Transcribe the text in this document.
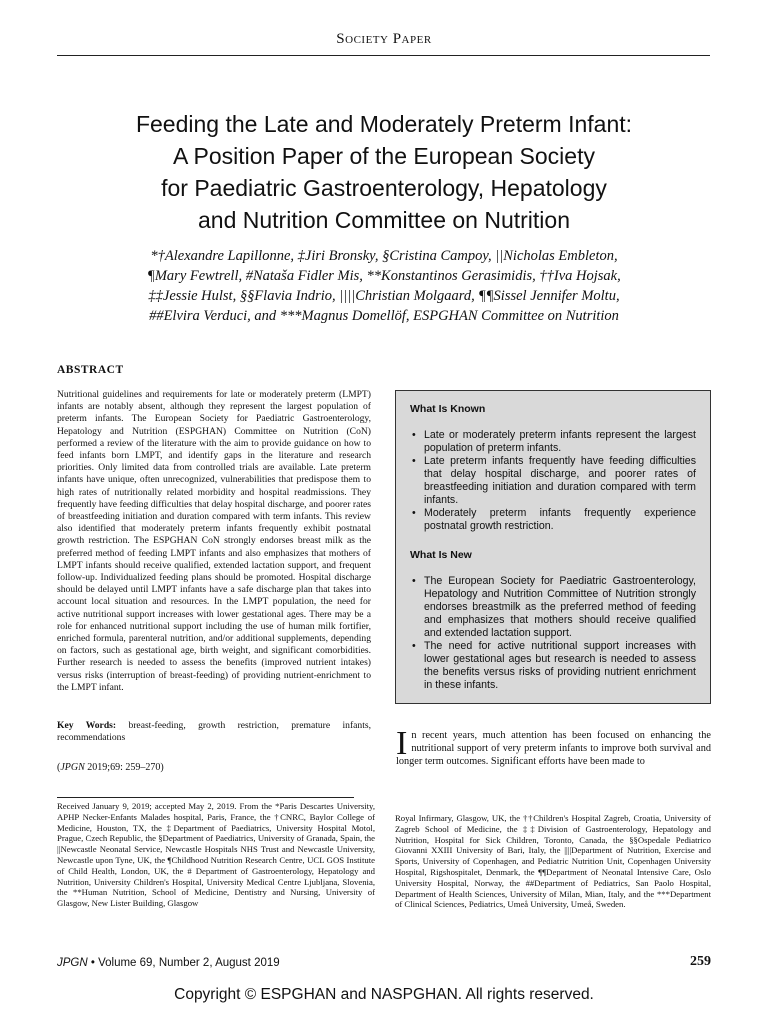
Society Paper
Feeding the Late and Moderately Preterm Infant:
A Position Paper of the European Society
for Paediatric Gastroenterology, Hepatology
and Nutrition Committee on Nutrition
*†Alexandre Lapillonne, ‡Jiri Bronsky, §Cristina Campoy, ||Nicholas Embleton,
¶Mary Fewtrell, #Nataša Fidler Mis, **Konstantinos Gerasimidis, ††Iva Hojsak,
‡‡Jessie Hulst, §§Flavia Indrio, ||||Christian Molgaard, ¶¶Sissel Jennifer Moltu,
##Elvira Verduci, and ***Magnus Domellöf, ESPGHAN Committee on Nutrition
ABSTRACT
Nutritional guidelines and requirements for late or moderately preterm (LMPT) infants are notably absent, although they represent the largest population of preterm infants. The European Society for Paediatric Gastroenterology, Hepatology and Nutrition (ESPGHAN) Committee on Nutrition (CoN) performed a review of the literature with the aim to provide guidance on how to feed infants born LMPT, and identify gaps in the literature and research priorities. Only limited data from controlled trials are available. Late preterm infants have unique, often unrecognized, vulnerabilities that predispose them to high rates of nutritionally related morbidity and hospital readmissions. They frequently have feeding difficulties that delay hospital discharge, and poorer rates of breastfeeding initiation and duration compared with term infants. This review also identified that moderately preterm infants frequently exhibit postnatal growth restriction. The ESPGHAN CoN strongly endorses breast milk as the preferred method of feeding LMPT infants and also emphasizes that mothers of LMPT infants should receive qualified, extended lactation support, and frequent follow-up. Individualized feeding plans should be promoted. Hospital discharge should be delayed until LMPT infants have a safe discharge plan that takes into account local situation and resources. In the LMPT population, the need for active nutritional support increases with lower gestational ages. There may be a role for enhanced nutritional support including the use of human milk fortifier, enriched formula, parenteral nutrition, and/or additional supplements, depending on factors, such as gestational age, birth weight, and significant comorbidities. Further research is needed to assess the benefits (improved nutrient intakes) versus risks (interruption of breast-feeding) of providing nutrient-enrichment to the LMPT infant.
Key Words: breast-feeding, growth restriction, premature infants, recommendations
(JPGN 2019;69: 259–270)
What Is Known
• Late or moderately preterm infants represent the largest population of preterm infants.
• Late preterm infants frequently have feeding difficulties that delay hospital discharge, and poorer rates of breastfeeding initiation and duration compared with term infants.
• Moderately preterm infants frequently experience postnatal growth restriction.
What Is New
• The European Society for Paediatric Gastroenterology, Hepatology and Nutrition Committee of Nutrition strongly endorses breastmilk as the preferred method of feeding and emphasizes that mothers should receive qualified and extended lactation support.
• The need for active nutritional support increases with lower gestational ages but research is needed to assess the benefits versus risks of providing nutrient enrichment in these infants.
In recent years, much attention has been focused on enhancing the nutritional support of very preterm infants to improve both survival and longer term outcomes. Significant efforts have been made to
Received January 9, 2019; accepted May 2, 2019. From the *Paris Descartes University, APHP Necker-Enfants Malades hospital, Paris, France, the †CNRC, Baylor College of Medicine, Houston, TX, the ‡Department of Paediatrics, University Hospital Motol, Prague, Czech Republic, the §Department of Paediatrics, University of Granada, Spain, the ||Newcastle Neonatal Service, Newcastle Hospitals NHS Trust and Newcastle University, Newcastle upon Tyne, UK, the ¶Childhood Nutrition Research Centre, UCL GOS Institute of Child Health, London, UK, the # Department of Gastroenterology, Hepatology and Nutrition, University Children's Hospital, University Medical Centre Ljubljana, Slovenia, the **Human Nutrition, School of Medicine, Dentistry and Nursing, University of Glasgow, New Lister Building, Glasgow
Royal Infirmary, Glasgow, UK, the ††Children's Hospital Zagreb, Croatia, University of Zagreb School of Medicine, the ‡‡Division of Gastroenterology, Hepatology and Nutrition, Hospital for Sick Children, Toronto, Canada, the §§Ospedale Pediatrico Giovanni XXIII University of Bari, Italy, the ||||Department of Nutrition, Exercise and Sports, University of Copenhagen, and Pediatric Nutrition Unit, Copenhagen University Hospital, Rigshospitalet, Denmark, the ¶¶Department of Neonatal Intensive Care, Oslo University Hospital, Norway, the ##Department of Pediatrics, San Paolo Hospital, Department of Health Sciences, University of Milan, Mian, Italy, and the ***Department of Clinical Sciences, Pediatrics, Umeå University, Umeå, Sweden.
JPGN • Volume 69, Number 2, August 2019	259
Copyright © ESPGHAN and NASPGHAN. All rights reserved.
